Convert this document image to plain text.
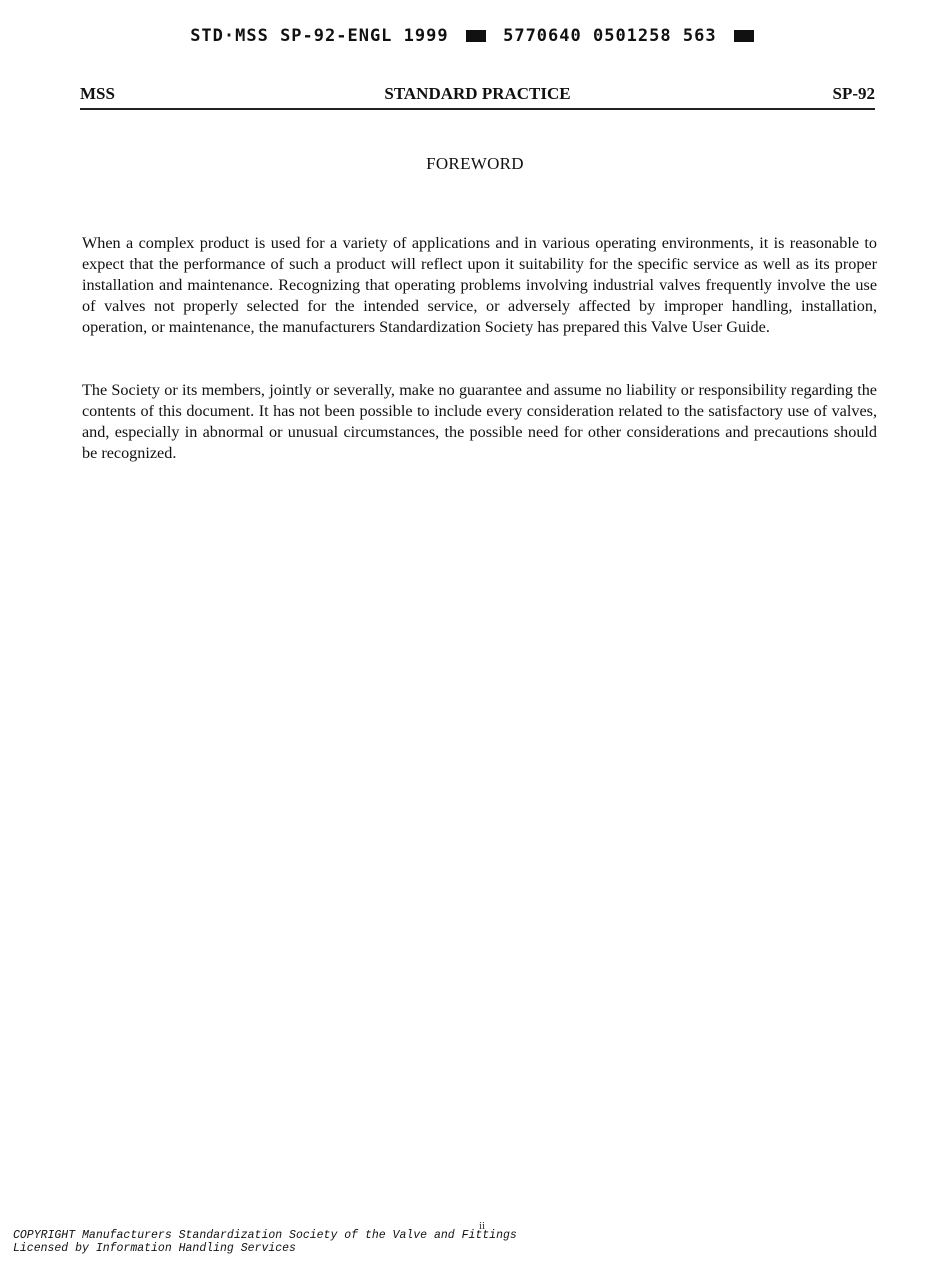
STD·MSS SP-92-ENGL 1999	5770640 0501258 563
MSS	STANDARD PRACTICE	SP-92
FOREWORD

When a complex product is used for a variety of applications and in various operating environments, it is reasonable to expect that the performance of such a product will reflect upon it suitability for the specific service as well as its proper installation and maintenance. Recognizing that operating problems involving industrial valves frequently involve the use of valves not properly selected for the intended service, or adversely affected by improper handling, installation, operation, or maintenance, the manufacturers Standardization Society has prepared this Valve User Guide.

The Society or its members, jointly or severally, make no guarantee and assume no liability or responsibility regarding the contents of this document. It has not been possible to include every consideration related to the satisfactory use of valves, and, especially in abnormal or unusual circumstances, the possible need for other considerations and precautions should be recognized.

ii
COPYRIGHT Manufacturers Standardization Society of the Valve and Fittings
Licensed by Information Handling Services
